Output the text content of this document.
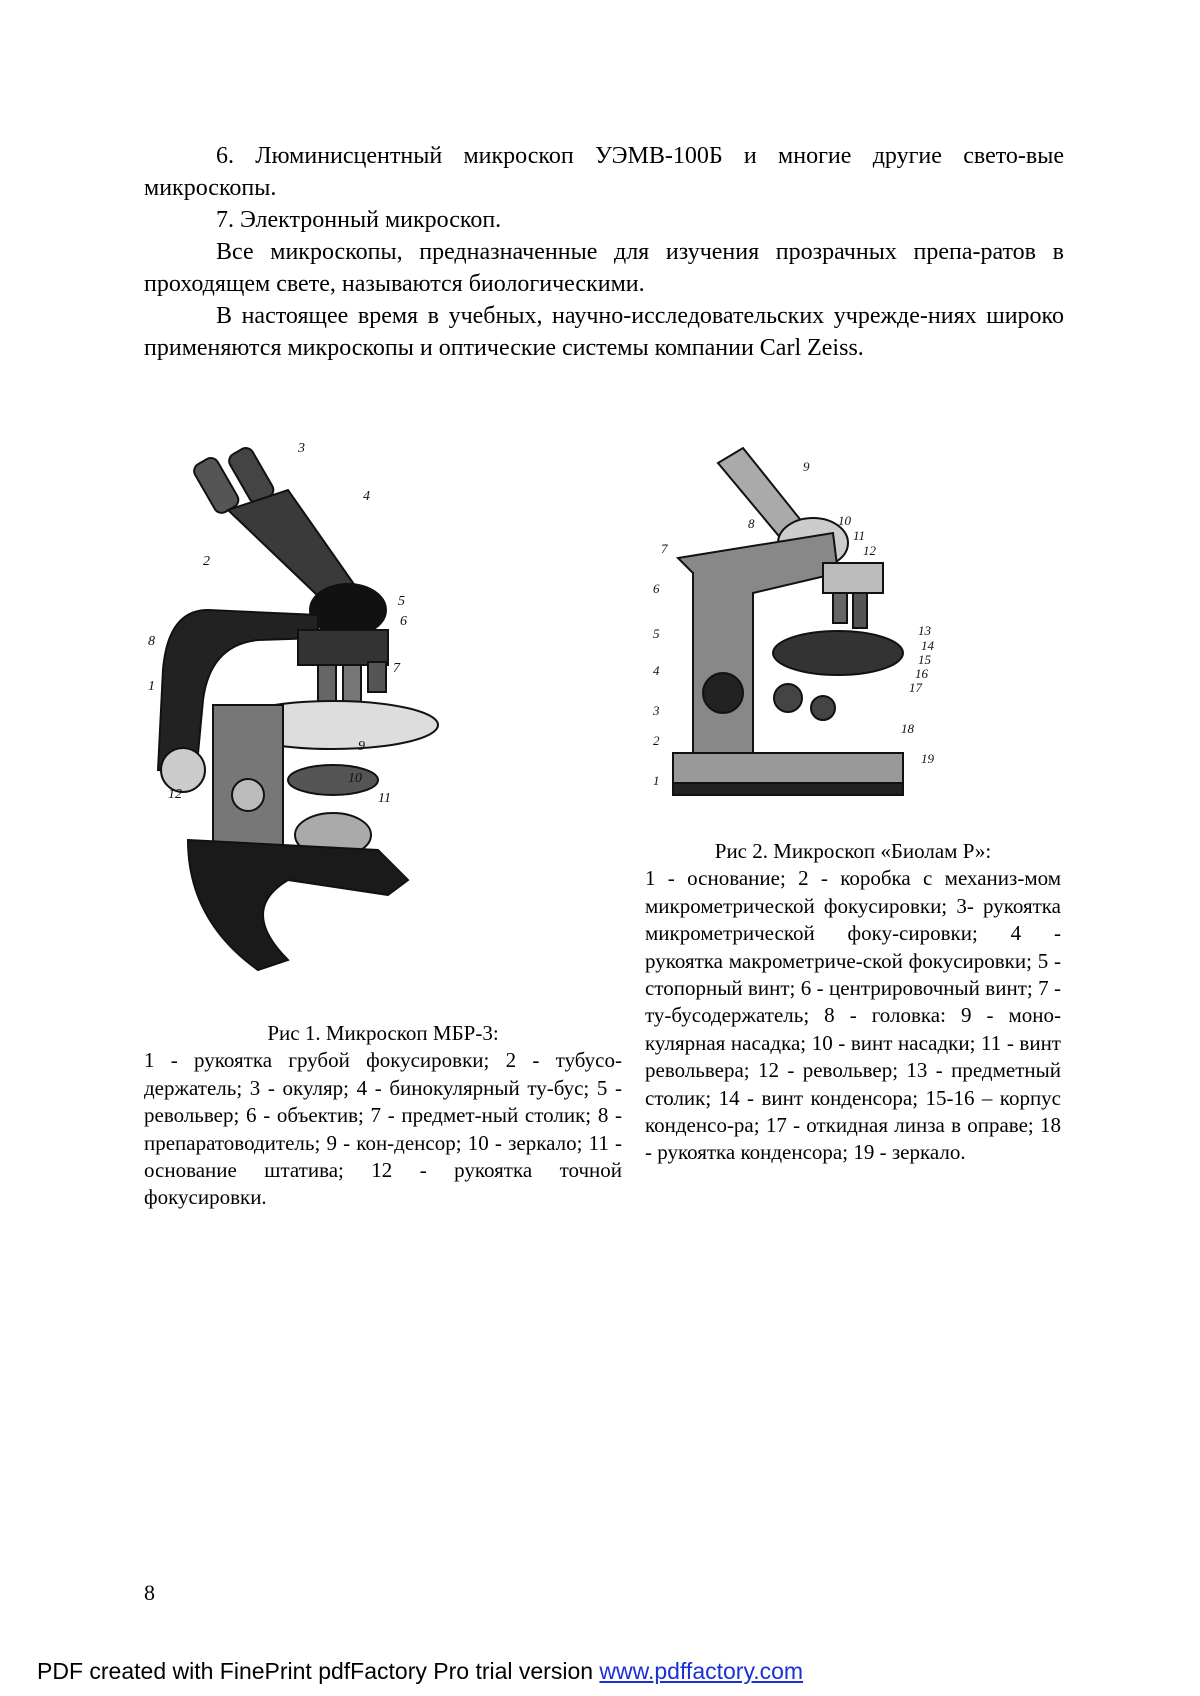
6. Люминисцентный микроскоп УЭМВ-100Б и многие другие свето-вые микроскопы.

7. Электронный микроскоп.

Все микроскопы, предназначенные для изучения прозрачных препа-ратов в проходящем свете, называются биологическими.

В настоящее время в учебных, научно-исследовательских учрежде-ниях широко применяются микроскопы и оптические системы компании Carl Zeiss.

3
4
2
5
6
8
7
1
9
10
12	11
9
8	10
11
12
7
6
5	13
14
15
16
4
17
3
18
2
19
1
Рис 1. Микроскоп МБР-3:
1 - рукоятка грубой фокусировки; 2 - тубусо-держатель; 3 - окуляр; 4 - бинокулярный ту-бус; 5 - револьвер; 6 - объектив; 7 - предмет-ный столик; 8 - препаратоводитель; 9 - кон-денсор; 10 - зеркало; 11 - основание штатива; 12 - рукоятка точной фокусировки.
Рис 2. Микроскоп «Биолам Р»:
1 - основание; 2 - коробка с механиз-мом микрометрической фокусировки; 3- рукоятка микрометрической фоку-сировки; 4 - рукоятка макрометриче-ской фокусировки; 5 - стопорный винт; 6 - центрировочный винт; 7 - ту-бусодержатель; 8 - головка: 9 - моно-кулярная насадка; 10 - винт насадки; 11 - винт револьвера; 12 - револьвер; 13 - предметный столик; 14 - винт конденсора; 15-16 – корпус конденсо-ра; 17 - откидная линза в оправе; 18 - рукоятка конденсора; 19 - зеркало.
8
PDF created with FinePrint pdfFactory Pro trial version www.pdffactory.com
